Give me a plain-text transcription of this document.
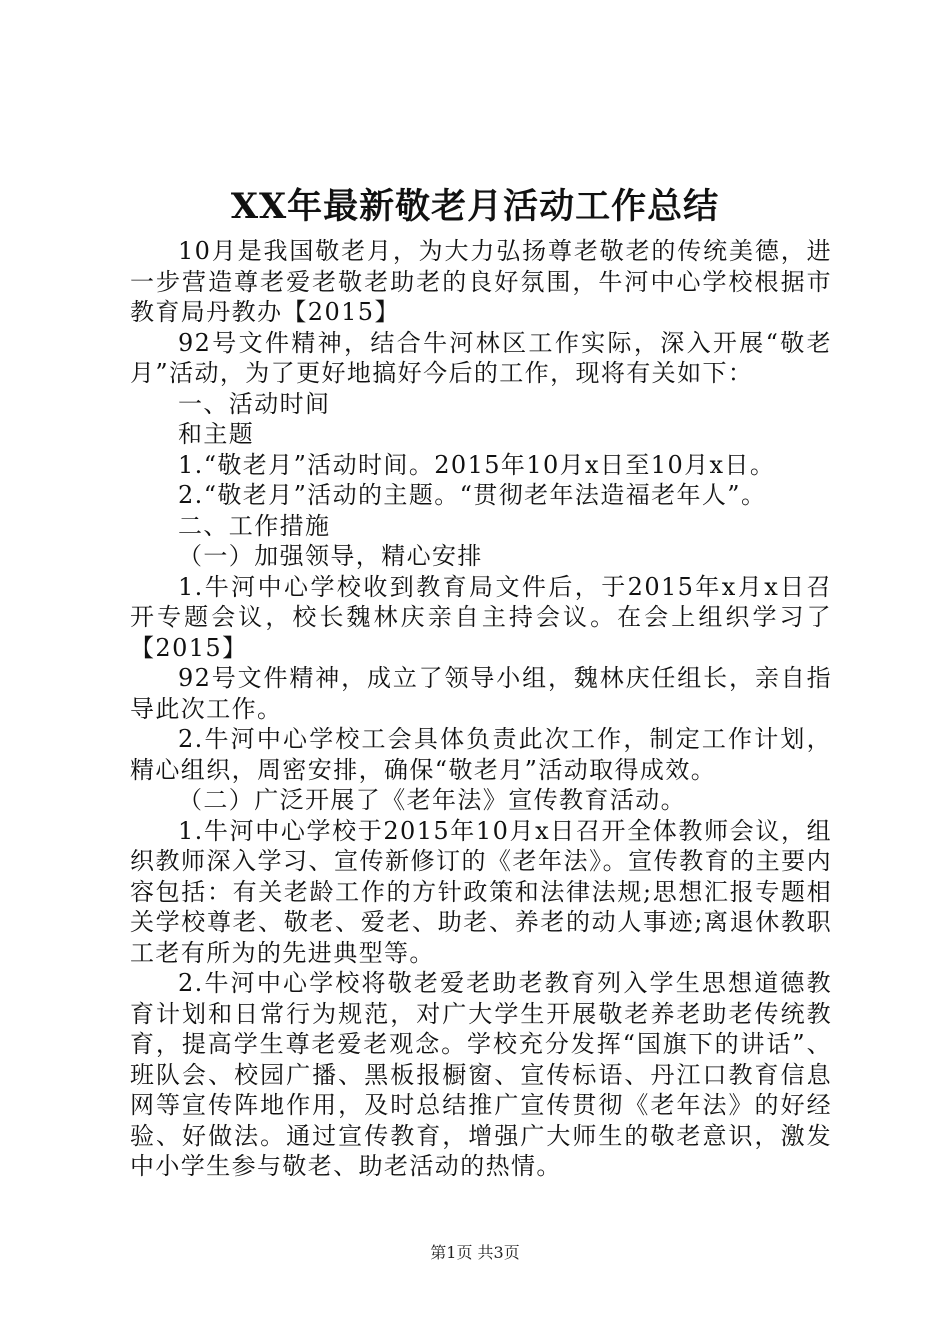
XX年最新敬老月活动工作总结

10月是我国敬老月，为大力弘扬尊老敬老的传统美德，进一步营造尊老爱老敬老助老的良好氛围，牛河中心学校根据市教育局丹教办【2015】

92号文件精神，结合牛河林区工作实际，深入开展“敬老月”活动，为了更好地搞好今后的工作，现将有关如下：

一、活动时间

和主题

1.“敬老月”活动时间。2015年10月x日至10月x日。

2.“敬老月”活动的主题。“贯彻老年法造福老年人”。

二、工作措施

（一）加强领导，精心安排

1.牛河中心学校收到教育局文件后，于2015年x月x日召开专题会议，校长魏林庆亲自主持会议。在会上组织学习了【2015】

92号文件精神，成立了领导小组，魏林庆任组长，亲自指导此次工作。

2.牛河中心学校工会具体负责此次工作，制定工作计划，精心组织，周密安排，确保“敬老月”活动取得成效。

（二）广泛开展了《老年法》宣传教育活动。

1.牛河中心学校于2015年10月x日召开全体教师会议，组织教师深入学习、宣传新修订的《老年法》。宣传教育的主要内容包括：有关老龄工作的方针政策和法律法规;思想汇报专题相关学校尊老、敬老、爱老、助老、养老的动人事迹;离退休教职工老有所为的先进典型等。

2.牛河中心学校将敬老爱老助老教育列入学生思想道德教育计划和日常行为规范，对广大学生开展敬老养老助老传统教育，提高学生尊老爱老观念。学校充分发挥“国旗下的讲话”、班队会、校园广播、黑板报橱窗、宣传标语、丹江口教育信息网等宣传阵地作用，及时总结推广宣传贯彻《老年法》的好经验、好做法。通过宣传教育，增强广大师生的敬老意识，激发中小学生参与敬老、助老活动的热情。

第1页 共3页
